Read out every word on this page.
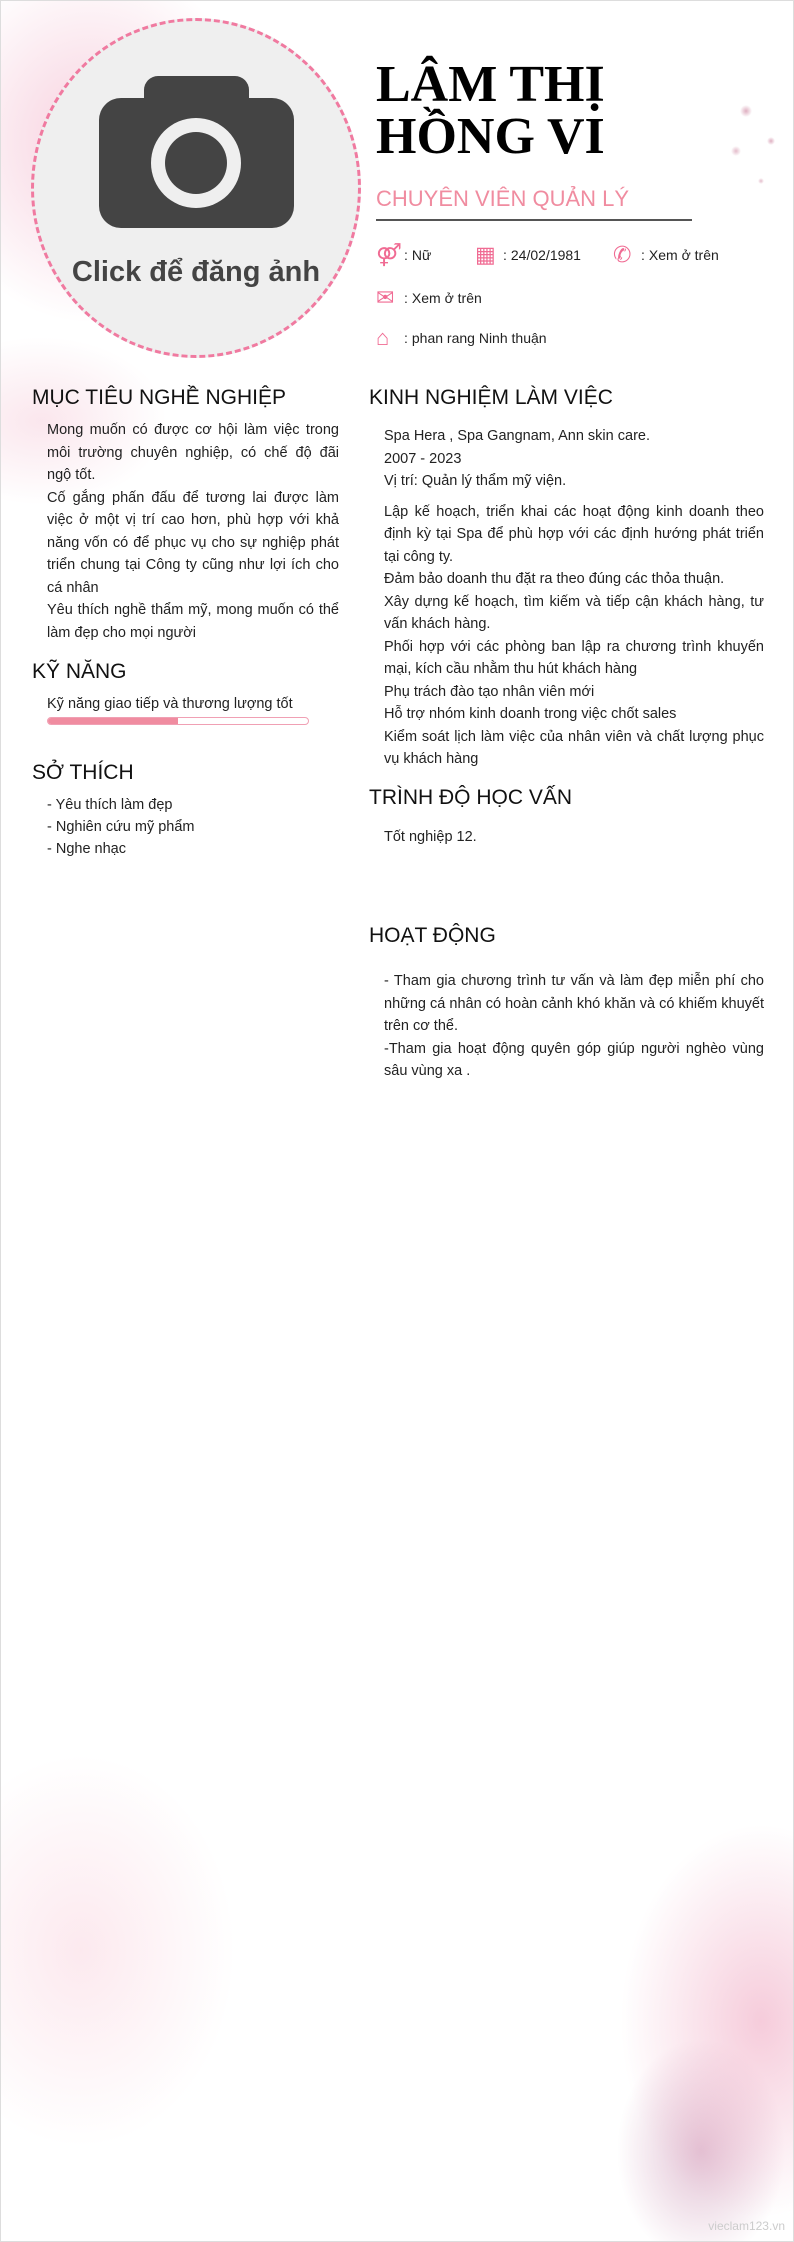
Click để đăng ảnh
LÂM THỊ HỒNG VI
CHUYÊN VIÊN QUẢN LÝ
⚤ : Nữ ▦ : 24/02/1981 ✆ : Xem ở trên
✉ : Xem ở trên
⌂	: phan rang Ninh thuận
MỤC TIÊU NGHỀ NGHIỆP
Mong muốn có được cơ hội làm việc trong môi trường chuyên nghiệp, có chế độ đãi ngộ tốt.
Cố gắng phấn đấu để tương lai được làm việc ở một vị trí cao hơn, phù hợp với khả năng vốn có để phục vụ cho sự nghiệp phát triển chung tại Công ty cũng như lợi ích cho cá nhân
Yêu thích nghề thẩm mỹ, mong muốn có thể làm đẹp cho mọi người
KỸ NĂNG
Kỹ năng giao tiếp và thương lượng tốt
SỞ THÍCH
- Yêu thích làm đẹp
- Nghiên cứu mỹ phẩm
- Nghe nhạc
KINH NGHIỆM LÀM VIỆC
Spa Hera , Spa Gangnam, Ann skin care.
2007 - 2023
Vị trí: Quản lý thẩm mỹ viện.
Lập kế hoạch, triển khai các hoạt động kinh doanh theo định kỳ tại Spa để phù hợp với các định hướng phát triển tại công ty.
Đảm bảo doanh thu đặt ra theo đúng các thỏa thuận.
Xây dựng kế hoạch, tìm kiếm và tiếp cận khách hàng, tư vấn khách hàng.
Phối hợp với các phòng ban lập ra chương trình khuyến mại, kích cầu nhằm thu hút khách hàng
Phụ trách đào tạo nhân viên mới
Hỗ trợ nhóm kinh doanh trong việc chốt sales
Kiểm soát lịch làm việc của nhân viên và chất lượng phục vụ khách hàng
TRÌNH ĐỘ HỌC VẤN
Tốt nghiệp 12.
HOẠT ĐỘNG
- Tham gia chương trình tư vấn và làm đẹp miễn phí cho những cá nhân có hoàn cảnh khó khăn và có khiếm khuyết trên cơ thể.
-Tham gia hoạt động quyên góp giúp người nghèo vùng sâu vùng xa .
vieclam123.vn
